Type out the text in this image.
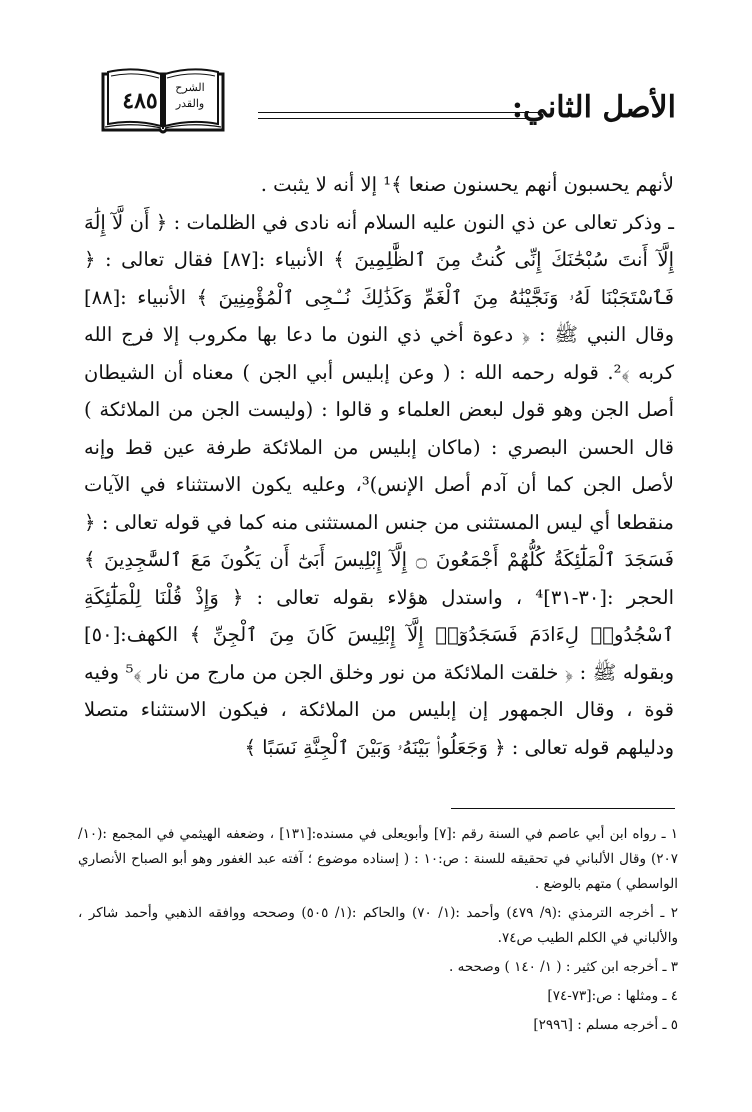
٤٨٥
الشرح
والقدر	الأصل الثاني:

لأنهم يحسبون أنهم يحسنون صنعا ﴾¹ إلا أنه لا يثبت .

ـ وذكر تعالى عن ذي النون عليه السلام أنه نادى في الظلمات : ﴿ أَن لَّآ إِلَٰهَ إِلَّآ أَنتَ سُبْحَٰنَكَ إِنِّى كُنتُ مِنَ ٱلظَّٰلِمِينَ ﴾ الأنبياء :[٨٧] فقال تعالى : ﴿ فَٱسْتَجَبْنَا لَهُۥ وَنَجَّيْنَٰهُ مِنَ ٱلْغَمِّ وَكَذَٰلِكَ نُـۨجِى ٱلْمُؤْمِنِينَ ﴾ الأنبياء :[٨٨] وقال النبي ﷺ : ﴿ دعوة أخي ذي النون ما دعا بها مكروب إلا فرج الله كربه ﴾². قوله رحمه الله : ( وعن إبليس أبي الجن ) معناه أن الشيطان أصل الجن وهو قول لبعض العلماء و قالوا : (وليست الجن من الملائكة ) قال الحسن البصري : (ماكان إبليس من الملائكة طرفة عين قط وإنه لأصل الجن كما أن آدم أصل الإنس)³، وعليه يكون الاستثناء في الآيات منقطعا أي ليس المستثنى من جنس المستثنى منه كما في قوله تعالى : ﴿ فَسَجَدَ ٱلْمَلَٰٓئِكَةُ كُلُّهُمْ أَجْمَعُونَ ۝ إِلَّآ إِبْلِيسَ أَبَىٰٓ أَن يَكُونَ مَعَ ٱلسَّٰجِدِينَ ﴾ الحجر :[٣٠-٣١]⁴ ، واستدل هؤلاء بقوله تعالى : ﴿ وَإِذْ قُلْنَا لِلْمَلَٰٓئِكَةِ ٱسْجُدُوا۟ لِءَادَمَ فَسَجَدُوٓا۟ إِلَّآ إِبْلِيسَ كَانَ مِنَ ٱلْجِنِّ ﴾ الكهف:[٥٠] وبقوله ﷺ : ﴿ خلقت الملائكة من نور وخلق الجن من مارج من نار ﴾⁵ وفيه قوة ، وقال الجمهور إن إبليس من الملائكة ، فيكون الاستثناء متصلا ودليلهم قوله تعالى : ﴿ وَجَعَلُوا۟ بَيْنَهُۥ وَبَيْنَ ٱلْجِنَّةِ نَسَبًا ﴾

١ ـ رواه ابن أبي عاصم في السنة رقم :[٧] وأبويعلى في مسنده:[١٣١] ، وضعفه الهيثمي في المجمع :(١٠/ ٢٠٧) وقال الألباني في تحقيقه للسنة : ص:١٠ : ( إسناده موضوع ؛ آفته عبد الغفور وهو أبو الصباح الأنصاري الواسطي ) متهم بالوضع .

٢ ـ أخرجه الترمذي :(٩/ ٤٧٩) وأحمد :(١/ ٧٠) والحاكم :(١/ ٥٠٥) وصححه ووافقه الذهبي وأحمد شاكر ، والألباني في الكلم الطيب ص٧٤.

٣ ـ أخرجه ابن كثير : ( ١/ ١٤٠ ) وصححه .

٤ ـ ومثلها : ص:[٧٣-٧٤]

٥ ـ أخرجه مسلم : [٢٩٩٦]
